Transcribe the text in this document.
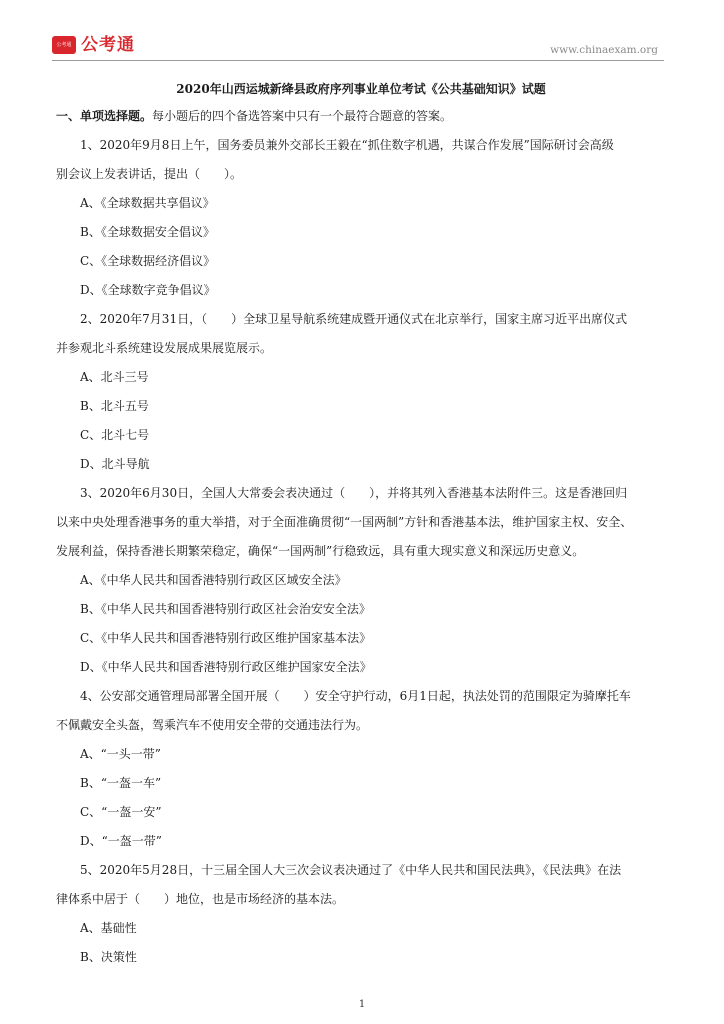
公考通 公考通	www.chinaexam.org
2020年山西运城新绛县政府序列事业单位考试《公共基础知识》试题
一、单项选择题。每小题后的四个备选答案中只有一个最符合题意的答案。
1、2020年9月8日上午，国务委员兼外交部长王毅在“抓住数字机遇，共谋合作发展”国际研讨会高级
别会议上发表讲话，提出（　　）。
A、《全球数据共享倡议》
B、《全球数据安全倡议》
C、《全球数据经济倡议》
D、《全球数字竞争倡议》
2、2020年7月31日，（　　）全球卫星导航系统建成暨开通仪式在北京举行，国家主席习近平出席仪式
并参观北斗系统建设发展成果展览展示。
A、北斗三号
B、北斗五号
C、北斗七号
D、北斗导航
3、2020年6月30日，全国人大常委会表决通过（　　），并将其列入香港基本法附件三。这是香港回归
以来中央处理香港事务的重大举措，对于全面准确贯彻“一国两制”方针和香港基本法，维护国家主权、安全、
发展利益，保持香港长期繁荣稳定，确保“一国两制”行稳致远，具有重大现实意义和深远历史意义。
A、《中华人民共和国香港特别行政区区域安全法》
B、《中华人民共和国香港特别行政区社会治安安全法》
C、《中华人民共和国香港特别行政区维护国家基本法》
D、《中华人民共和国香港特别行政区维护国家安全法》
4、公安部交通管理局部署全国开展（　　）安全守护行动，6月1日起，执法处罚的范围限定为骑摩托车
不佩戴安全头盔，驾乘汽车不使用安全带的交通违法行为。
A、“一头一带”
B、“一盔一车”
C、“一盔一安”
D、“一盔一带”
5、2020年5月28日，十三届全国人大三次会议表决通过了《中华人民共和国民法典》，《民法典》在法
律体系中居于（　　）地位，也是市场经济的基本法。
A、基础性
B、决策性
1
